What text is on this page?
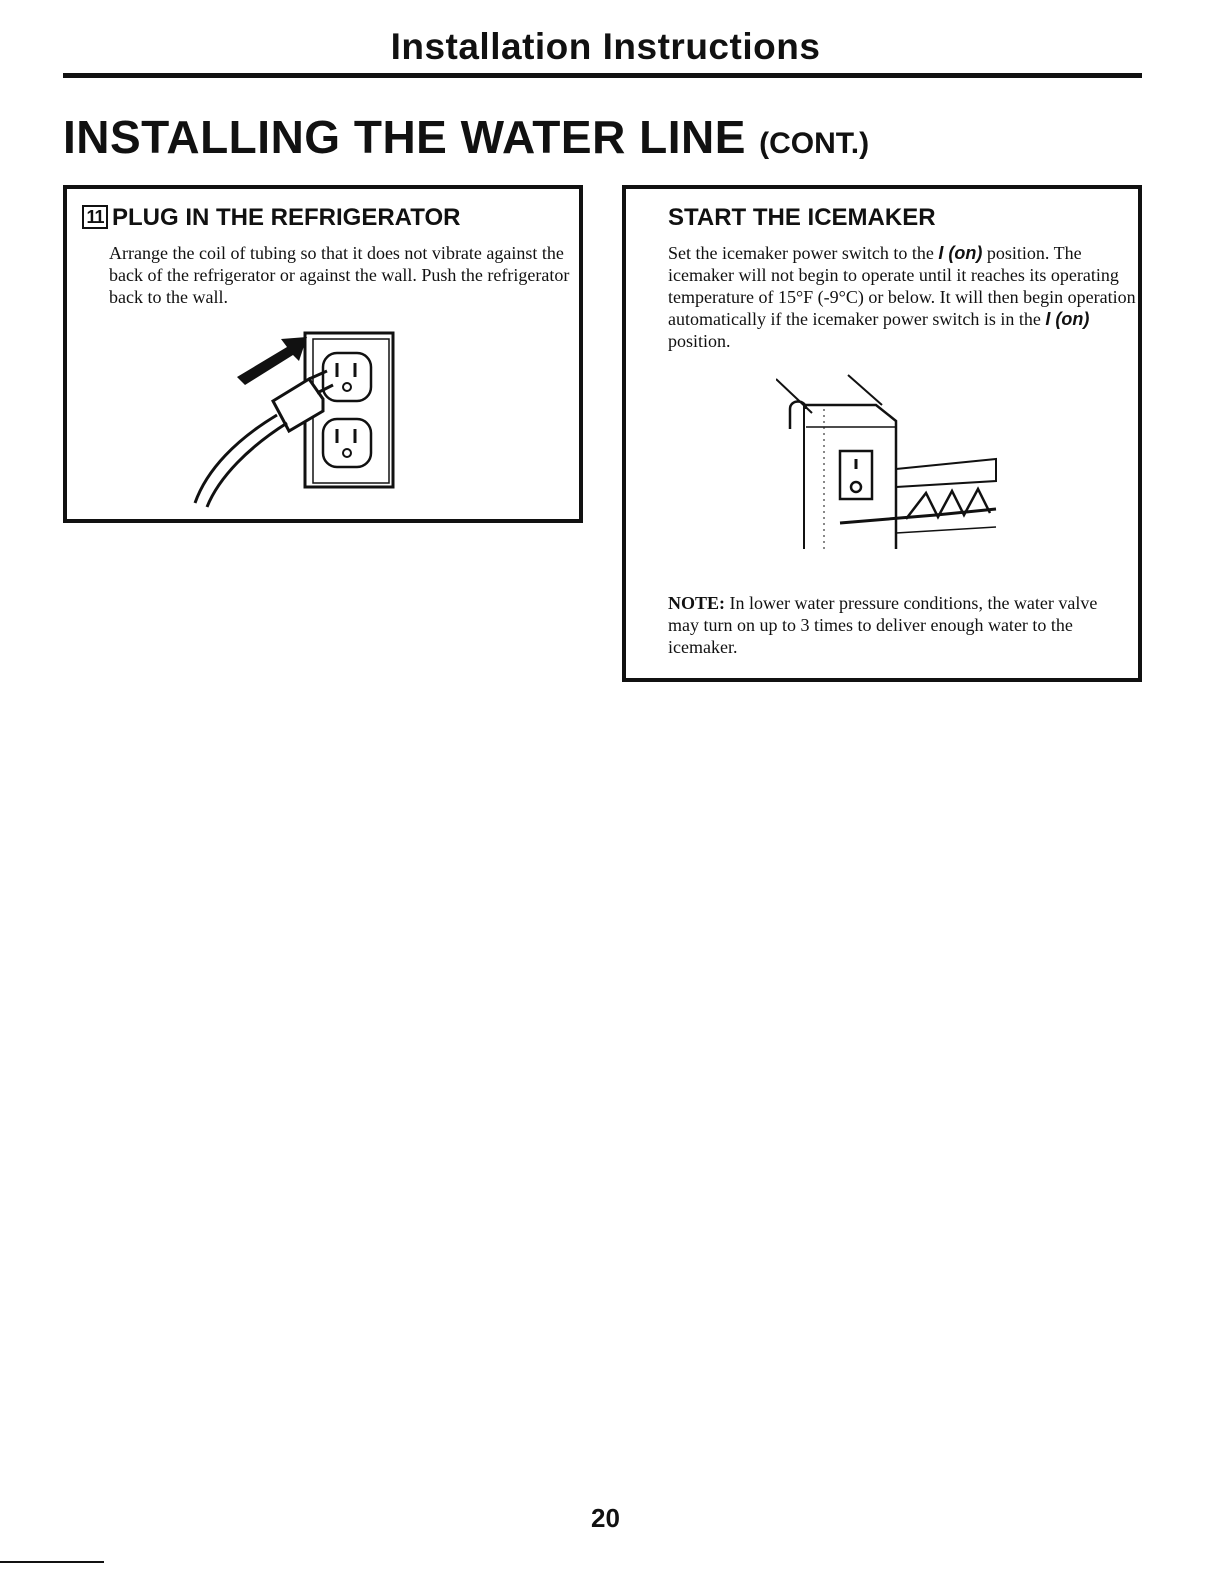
Installation Instructions
INSTALLING THE WATER LINE (CONT.)
11 PLUG IN THE REFRIGERATOR
Arrange the coil of tubing so that it does not vibrate against the back of the refrigerator or against the wall. Push the refrigerator back to the wall.
START THE ICEMAKER
Set the icemaker power switch to the I (on) position. The icemaker will not begin to operate until it reaches its operating temperature of 15°F (-9°C) or below. It will then begin operation automatically if the icemaker power switch is in the I (on) position.
NOTE: In lower water pressure conditions, the water valve may turn on up to 3 times to deliver enough water to the icemaker.
20
